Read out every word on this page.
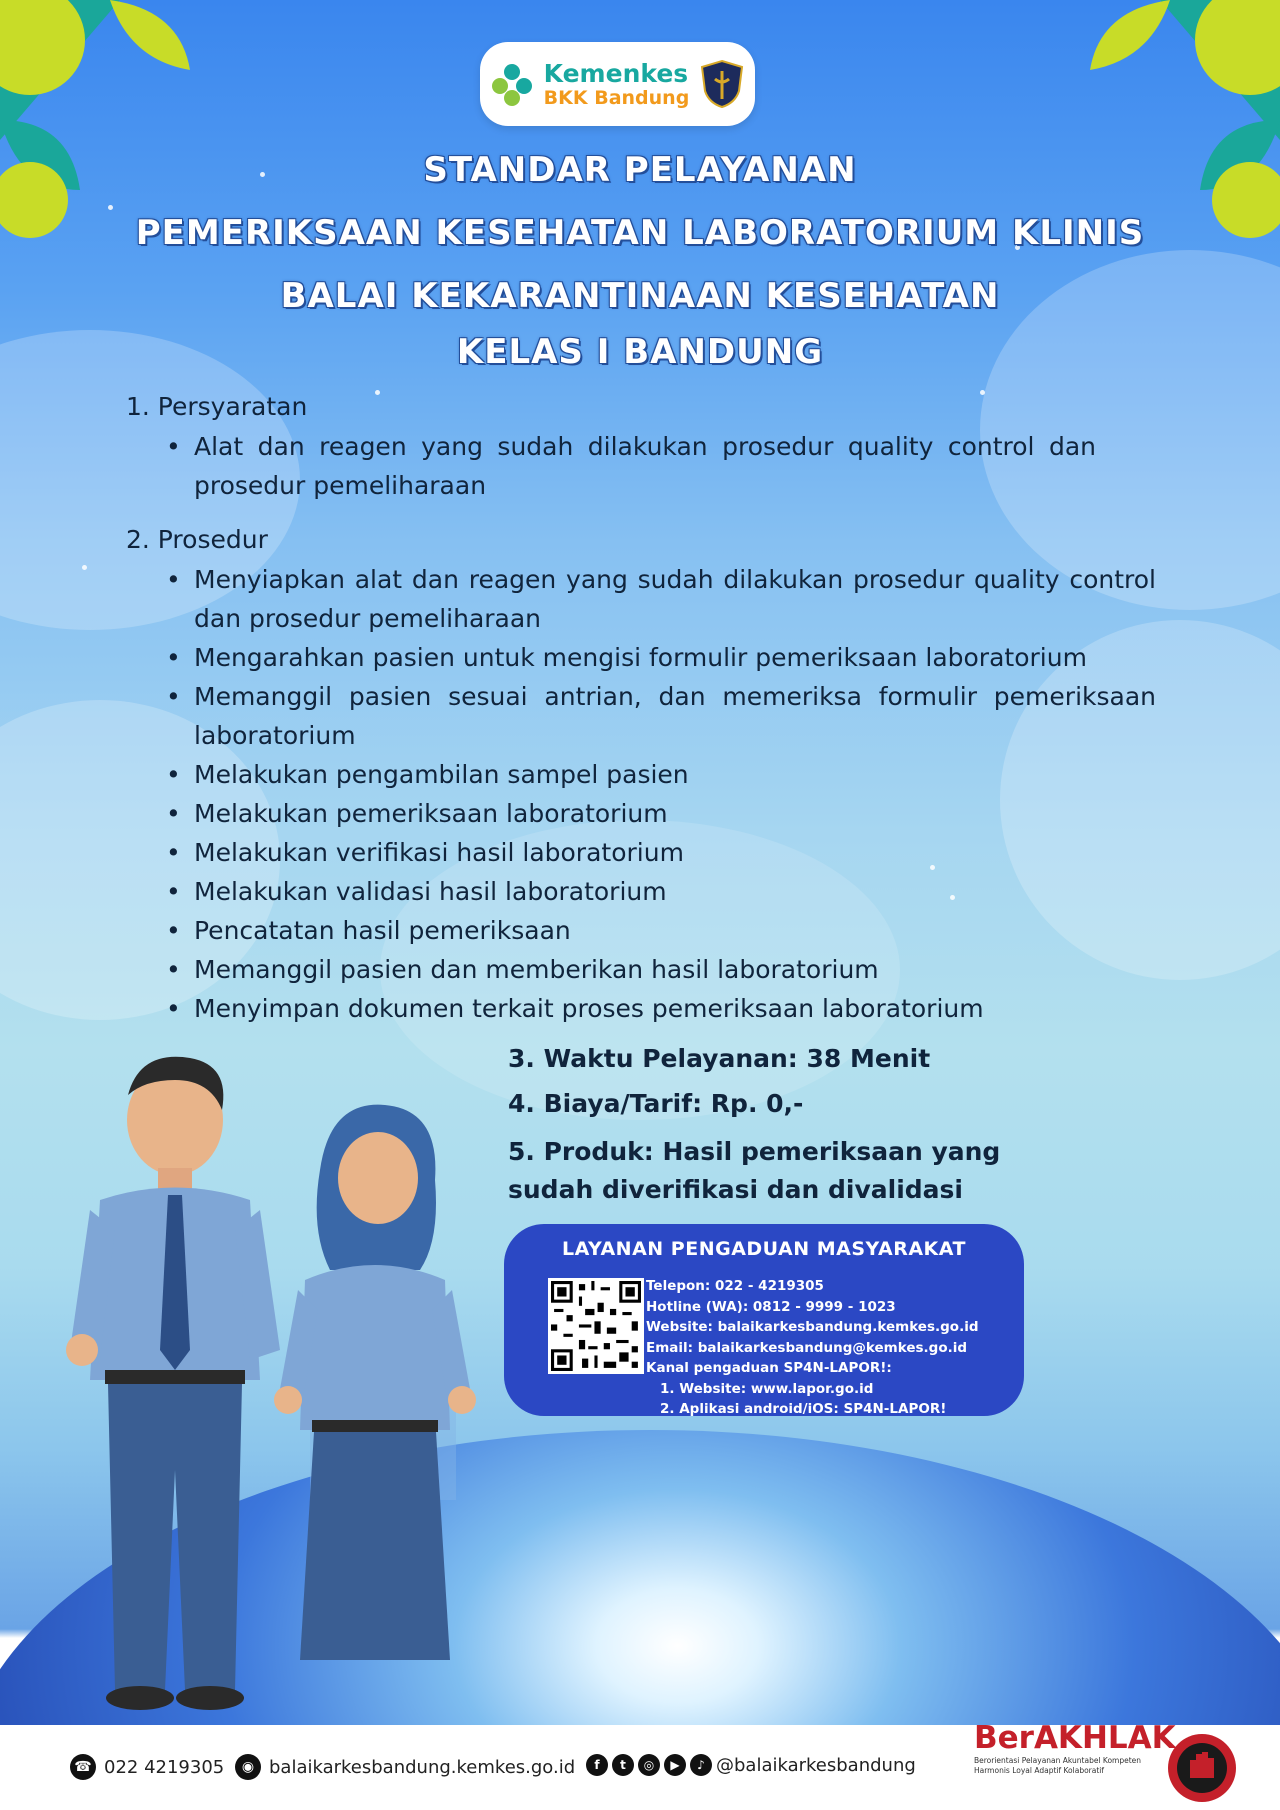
Kemenkes
BKK Bandung
STANDAR PELAYANAN
PEMERIKSAAN KESEHATAN LABORATORIUM KLINIS
BALAI KEKARANTINAAN KESEHATAN
KELAS I BANDUNG
1. Persyaratan
• Alat dan reagen yang sudah dilakukan prosedur quality control dan prosedur pemeliharaan
2. Prosedur
• Menyiapkan alat dan reagen yang sudah dilakukan prosedur quality control dan prosedur pemeliharaan
• Mengarahkan pasien untuk mengisi formulir pemeriksaan laboratorium
• Memanggil pasien sesuai antrian, dan memeriksa formulir pemeriksaan laboratorium
• Melakukan pengambilan sampel pasien
• Melakukan pemeriksaan laboratorium
• Melakukan verifikasi hasil laboratorium
• Melakukan validasi hasil laboratorium
• Pencatatan hasil pemeriksaan
• Memanggil pasien dan memberikan hasil laboratorium
• Menyimpan dokumen terkait proses pemeriksaan laboratorium
3. Waktu Pelayanan: 38 Menit
4. Biaya/Tarif: Rp. 0,-
5. Produk: Hasil pemeriksaan yang sudah diverifikasi dan divalidasi
LAYANAN PENGADUAN MASYARAKAT
Telepon: 022 - 4219305
Hotline (WA): 0812 - 9999 - 1023
Website: balaikarkesbandung.kemkes.go.id
Email: balaikarkesbandung@kemkes.go.id
Kanal pengaduan SP4N-LAPOR!:
1. Website: www.lapor.go.id
2. Aplikasi android/iOS: SP4N-LAPOR!
☎ 022 4219305	◉ balaikarkesbandung.kemkes.go.id	f	t	◎	▶	♪ @balaikarkesbandung
BerAKHLAK
Berorientasi Pelayanan Akuntabel Kompeten Harmonis Loyal Adaptif Kolaboratif
